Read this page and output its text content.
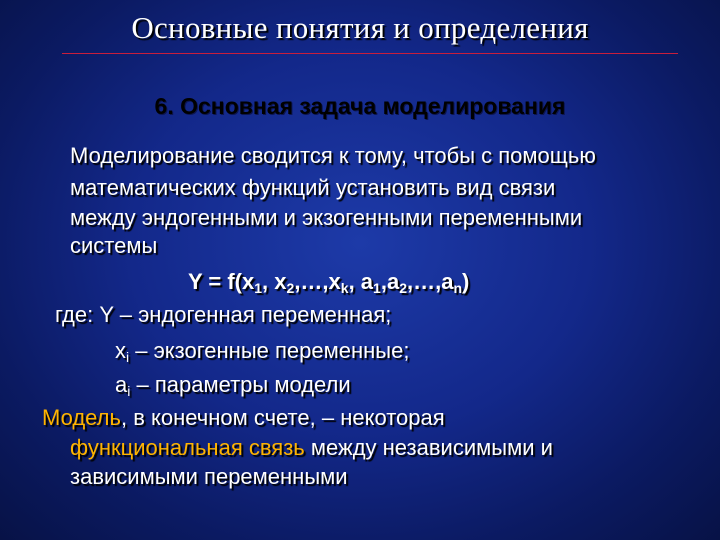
Основные понятия и определения
6. Основная задача моделирования
Моделирование сводится к тому, чтобы с помощью
математических функций установить вид связи
между эндогенными и экзогенными переменными
системы
$Y = f(x_1$, $x_2,\dots,x_k$, $a_1,a_2,\dots,a_n$)
где: Y – эндогенная переменная;
xi – экзогенные переменные;
ai – параметры модели
Модель, в конечном счете, – некоторая
функциональная связь между независимыми и
зависимыми переменными
